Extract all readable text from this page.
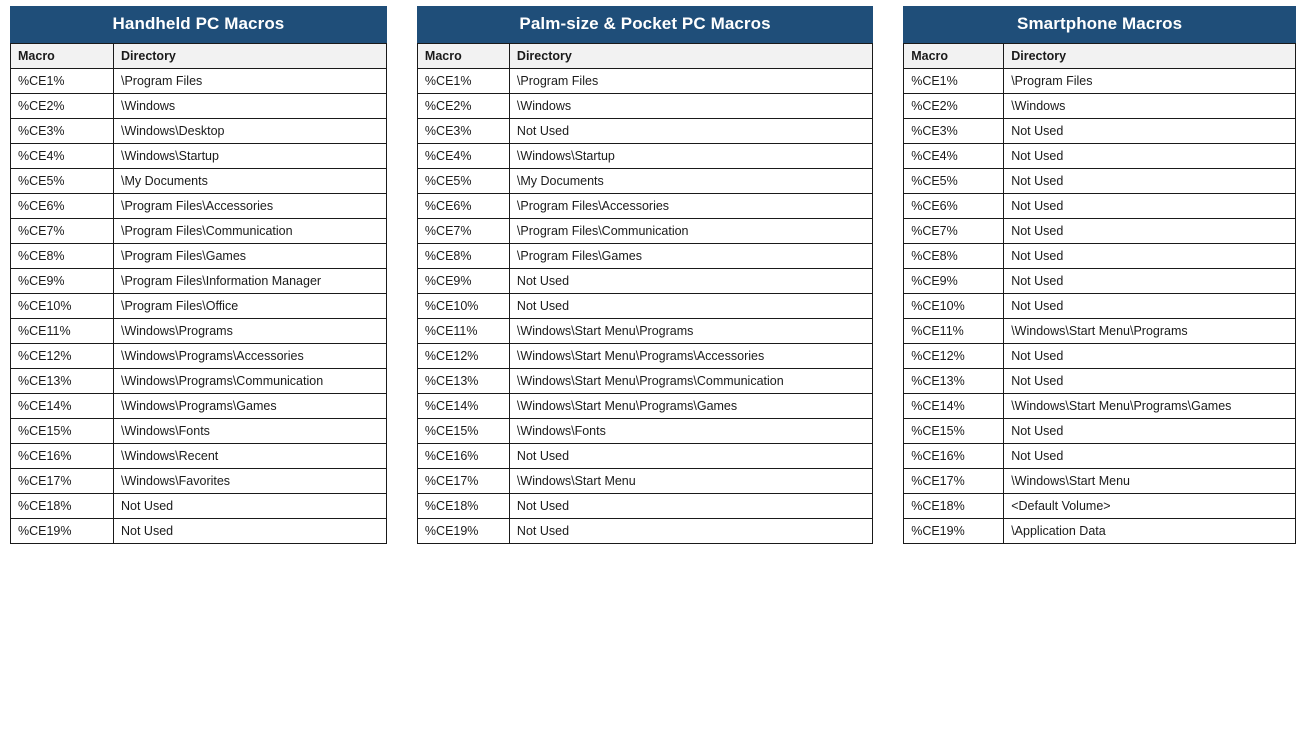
Handheld PC Macros
Macro	Directory
%CE1%	\Program Files
%CE2%	\Windows
%CE3%	\Windows\Desktop
%CE4%	\Windows\Startup
%CE5%	\My Documents
%CE6%	\Program Files\Accessories
%CE7%	\Program Files\Communication
%CE8%	\Program Files\Games
%CE9%	\Program Files\Information Manager
%CE10%	\Program Files\Office
%CE11%	\Windows\Programs
%CE12%	\Windows\Programs\Accessories
%CE13%	\Windows\Programs\Communication
%CE14%	\Windows\Programs\Games
%CE15%	\Windows\Fonts
%CE16%	\Windows\Recent
%CE17%	\Windows\Favorites
%CE18%	Not Used
%CE19%	Not Used
Palm-size & Pocket PC Macros
Macro	Directory
%CE1%	\Program Files
%CE2%	\Windows
%CE3%	Not Used
%CE4%	\Windows\Startup
%CE5%	\My Documents
%CE6%	\Program Files\Accessories
%CE7%	\Program Files\Communication
%CE8%	\Program Files\Games
%CE9%	Not Used
%CE10%	Not Used
%CE11%	\Windows\Start Menu\Programs
%CE12%	\Windows\Start Menu\Programs\Accessories
%CE13%	\Windows\Start Menu\Programs\Communication
%CE14%	\Windows\Start Menu\Programs\Games
%CE15%	\Windows\Fonts
%CE16%	Not Used
%CE17%	\Windows\Start Menu
%CE18%	Not Used
%CE19%	Not Used
Smartphone Macros
Macro	Directory
%CE1%	\Program Files
%CE2%	\Windows
%CE3%	Not Used
%CE4%	Not Used
%CE5%	Not Used
%CE6%	Not Used
%CE7%	Not Used
%CE8%	Not Used
%CE9%	Not Used
%CE10%	Not Used
%CE11%	\Windows\Start Menu\Programs
%CE12%	Not Used
%CE13%	Not Used
%CE14%	\Windows\Start Menu\Programs\Games
%CE15%	Not Used
%CE16%	Not Used
%CE17%	\Windows\Start Menu
%CE18%	<Default Volume>
%CE19%	\Application Data
